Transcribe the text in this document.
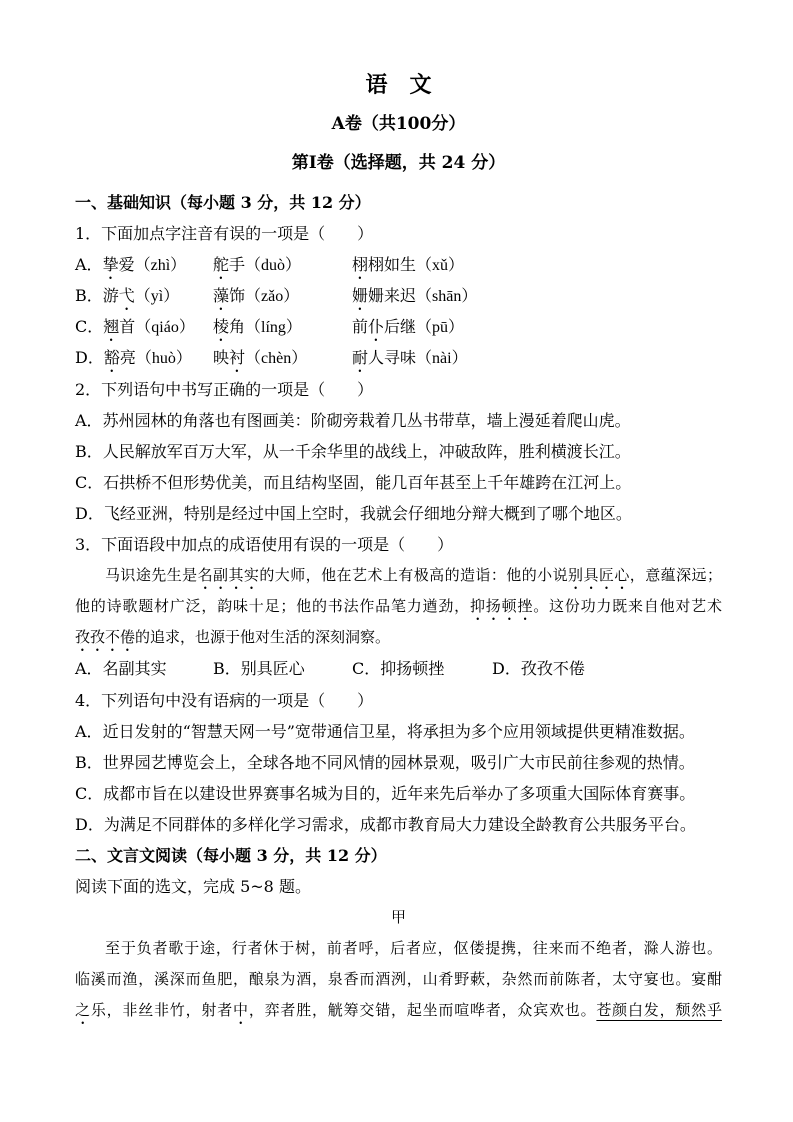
语　文
A卷（共100分）
第I卷（选择题，共 24 分）
一、基础知识（每小题 3 分，共 12 分）
1．下面加点字注音有误的一项是（　　）
A．挚爱（zhì） 舵手（duò）	栩栩如生（xǔ）
B．游弋（yì） 藻饰（zǎo）	姗姗来迟（shān）
C．翘首（qiáo） 棱角（líng）	前仆后继（pū）
D．豁亮（huò） 映衬（chèn）	耐人寻味（nài）
2．下列语句中书写正确的一项是（　　）
A．苏州园林的角落也有图画美：阶砌旁栽着几丛书带草，墙上漫延着爬山虎。
B．人民解放军百万大军，从一千余华里的战线上，冲破敌阵，胜利横渡长江。
C．石拱桥不但形势优美，而且结构坚固，能几百年甚至上千年雄跨在江河上。
D．飞经亚洲，特别是经过中国上空时，我就会仔细地分辩大概到了哪个地区。
3．下面语段中加点的成语使用有误的一项是（　　）
马识途先生是名副其实的大师，他在艺术上有极高的造诣：他的小说别具匠心，意蕴深远；
他的诗歌题材广泛，韵味十足；他的书法作品笔力遒劲，抑扬顿挫。这份功力既来自他对艺术
孜孜不倦的追求，也源于他对生活的深刻洞察。
A．名副其实	B．别具匠心	C．抑扬顿挫	D．孜孜不倦
4．下列语句中没有语病的一项是（　　）
A．近日发射的“智慧天网一号”宽带通信卫星，将承担为多个应用领域提供更精准数据。
B．世界园艺博览会上，全球各地不同风情的园林景观，吸引广大市民前往参观的热情。
C．成都市旨在以建设世界赛事名城为目的，近年来先后举办了多项重大国际体育赛事。
D．为满足不同群体的多样化学习需求，成都市教育局大力建设全龄教育公共服务平台。
二、文言文阅读（每小题 3 分，共 12 分）
阅读下面的选文，完成 5~8 题。
甲
至于负者歌于途，行者休于树，前者呼，后者应，伛偻提携，往来而不绝者，滁人游也。
临溪而渔，溪深而鱼肥，酿泉为酒，泉香而酒洌，山肴野蔌，杂然而前陈者，太守宴也。宴酣
之乐，非丝非竹，射者中，弈者胜，觥筹交错，起坐而喧哗者，众宾欢也。苍颜白发，颓然乎
